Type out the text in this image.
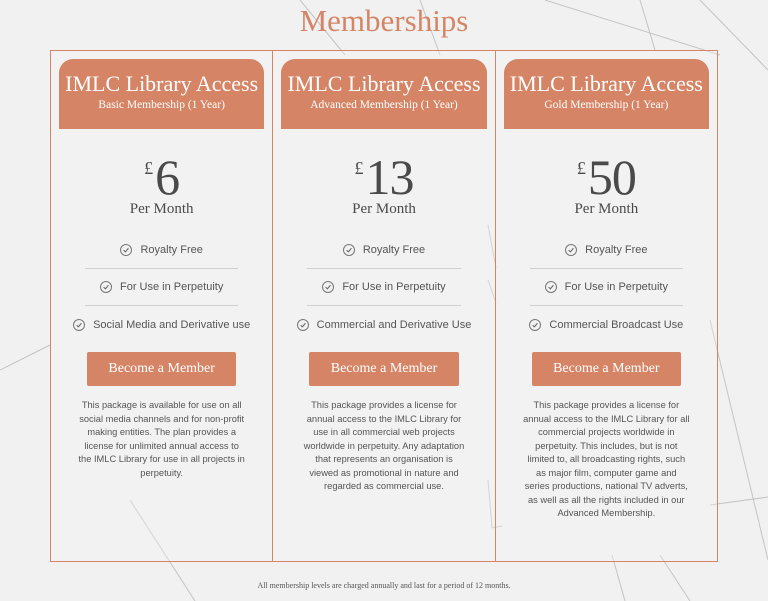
Memberships
IMLC Library Access
Basic Membership (1 Year)
£ 6
Per Month
Royalty Free
For Use in Perpetuity
Social Media and Derivative use
Become a Member
This package is available for use on all social media channels and for non-profit making entities. The plan provides a license for unlimited annual access to the IMLC Library for use in all projects in perpetuity.
IMLC Library Access
Advanced Membership (1 Year)
£ 13
Per Month
Royalty Free
For Use in Perpetuity
Commercial and Derivative Use
Become a Member
This package provides a license for annual access to the IMLC Library for use in all commercial web projects worldwide in perpetuity. Any adaptation that represents an organisation is viewed as promotional in nature and regarded as commercial use.
IMLC Library Access
Gold Membership (1 Year)
£ 50
Per Month
Royalty Free
For Use in Perpetuity
Commercial Broadcast Use
Become a Member
This package provides a license for annual access to the IMLC Library for all commercial projects worldwide in perpetuity. This includes, but is not limited to, all broadcasting rights, such as major film, computer game and series productions, national TV adverts, as well as all the rights included in our Advanced Membership.
All membership levels are charged annually and last for a period of 12 months.
